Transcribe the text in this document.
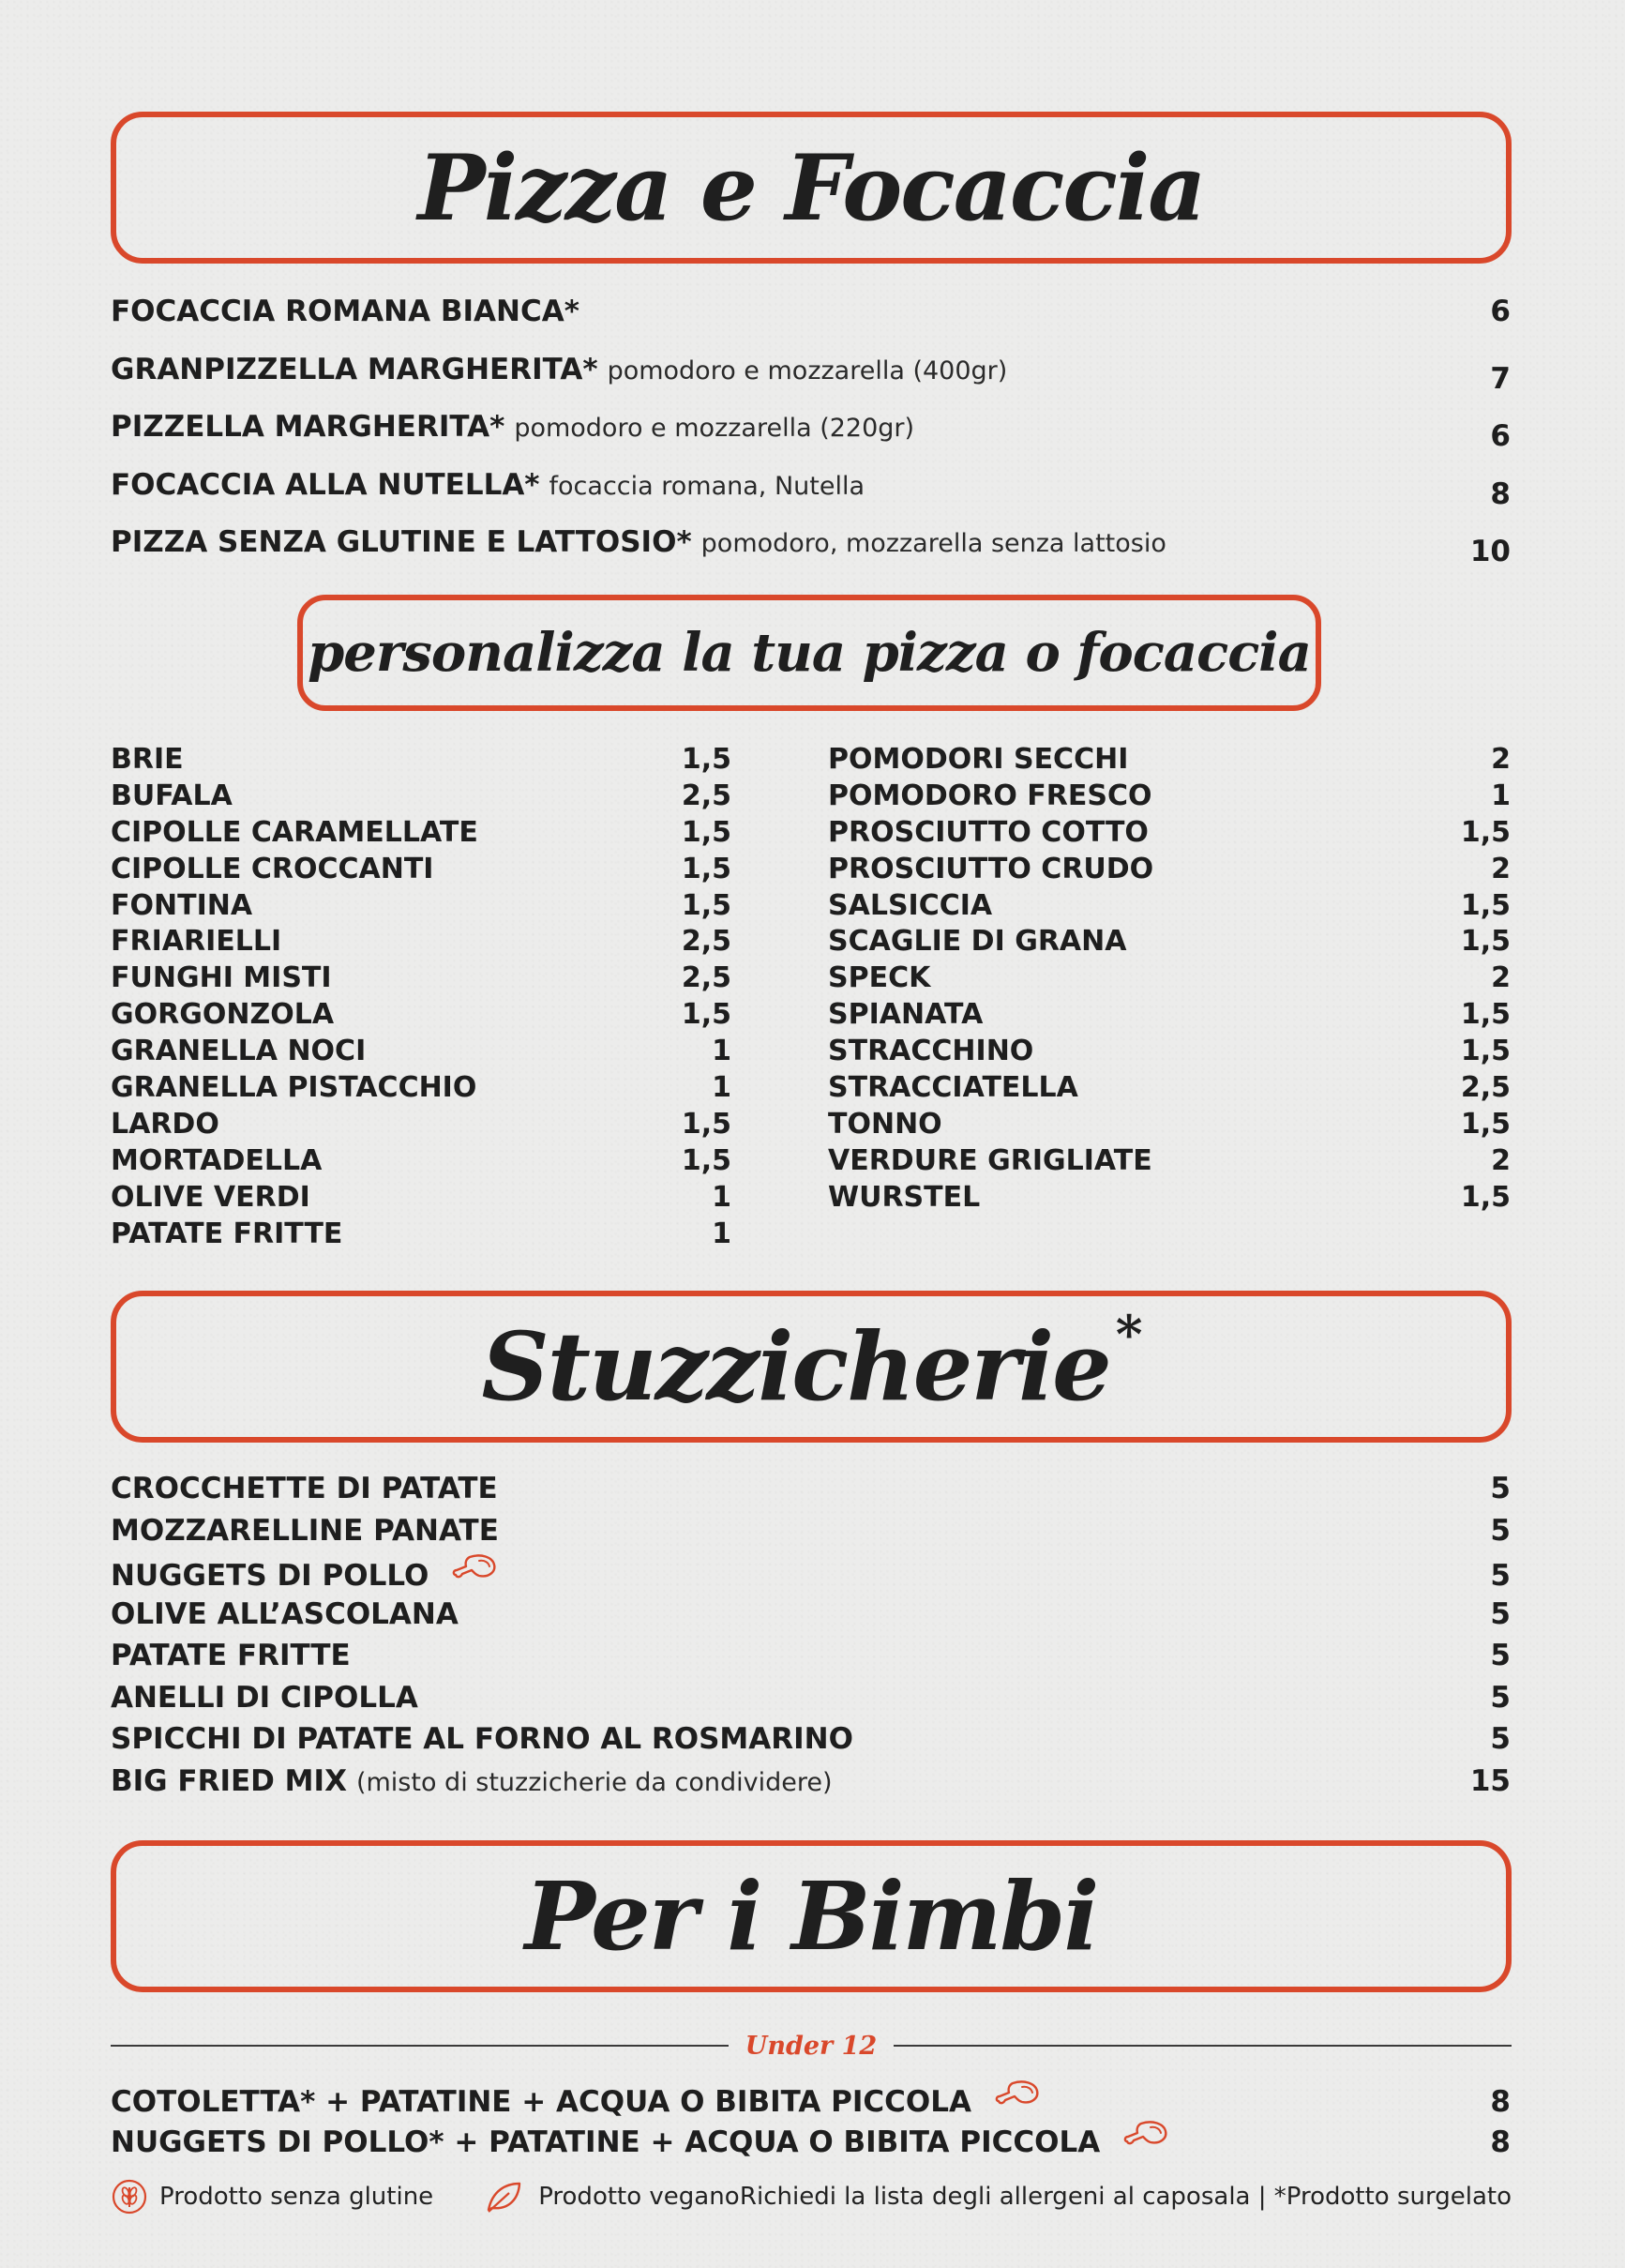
Pizza e Focaccia
FOCACCIA ROMANA BIANCA*	6
GRANPIZZELLA MARGHERITA* pomodoro e mozzarella (400gr)	7
PIZZELLA MARGHERITA* pomodoro e mozzarella (220gr)	6
FOCACCIA ALLA NUTELLA* focaccia romana, Nutella	8
PIZZA SENZA GLUTINE E LATTOSIO* pomodoro, mozzarella senza lattosio	10
personalizza la tua pizza o focaccia
BRIE	1,5
BUFALA	2,5
CIPOLLE CARAMELLATE	1,5
CIPOLLE CROCCANTI	1,5
FONTINA	1,5
FRIARIELLI	2,5
FUNGHI MISTI	2,5
GORGONZOLA	1,5
GRANELLA NOCI	1
GRANELLA PISTACCHIO	1
LARDO	1,5
MORTADELLA	1,5
OLIVE VERDI	1
PATATE FRITTE	1
POMODORI SECCHI	2
POMODORO FRESCO	1
PROSCIUTTO COTTO	1,5
PROSCIUTTO CRUDO	2
SALSICCIA	1,5
SCAGLIE DI GRANA	1,5
SPECK	2
SPIANATA	1,5
STRACCHINO	1,5
STRACCIATELLA	2,5
TONNO	1,5
VERDURE GRIGLIATE	2
WURSTEL	1,5
Stuzzicherie *
CROCCHETTE DI PATATE	5
MOZZARELLINE PANATE	5
NUGGETS DI POLLO	5
OLIVE ALL’ASCOLANA	5
PATATE FRITTE	5
ANELLI DI CIPOLLA	5
SPICCHI DI PATATE AL FORNO AL ROSMARINO	5
BIG FRIED MIX (misto di stuzzicherie da condividere)	15
Per i Bimbi
Under 12
COTOLETTA* + PATATINE + ACQUA O BIBITA PICCOLA	8
NUGGETS DI POLLO* + PATATINE + ACQUA O BIBITA PICCOLA	8
Prodotto senza glutine	Prodotto vegano Richiedi la lista degli allergeni al caposala | *Prodotto surgelato
